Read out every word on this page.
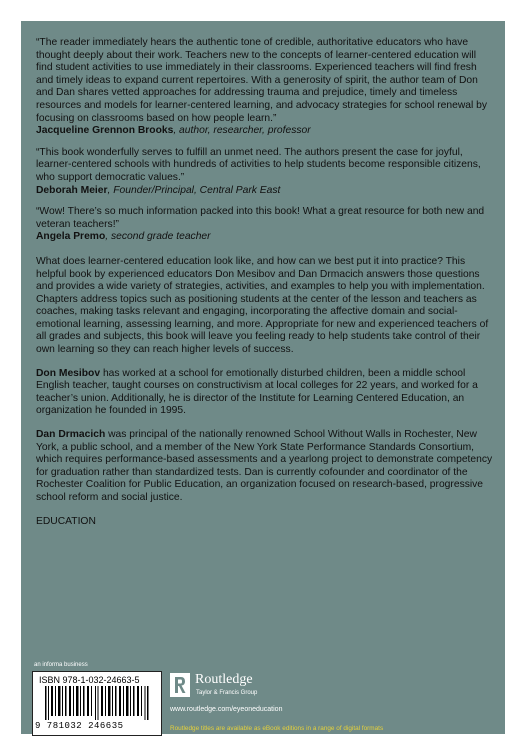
“The reader immediately hears the authentic tone of credible, authoritative educators who have thought deeply about their work. Teachers new to the concepts of learner-centered education will find student activities to use immediately in their classrooms. Experienced teachers will find fresh and timely ideas to expand current repertoires. With a generosity of spirit, the author team of Don and Dan shares vetted approaches for addressing trauma and prejudice, timely and timeless resources and models for learner-centered learning, and advocacy strategies for school renewal by focusing on classrooms based on how people learn.”

Jacqueline Grennon Brooks, author, researcher, professor

“This book wonderfully serves to fulfill an unmet need. The authors present the case for joyful, learner-centered schools with hundreds of activities to help students become responsible citizens, who support democratic values.”

Deborah Meier, Founder/Principal, Central Park East

“Wow! There’s so much information packed into this book! What a great resource for both new and veteran teachers!”

Angela Premo, second grade teacher

What does learner-centered education look like, and how can we best put it into practice? This helpful book by experienced educators Don Mesibov and Dan Drmacich answers those questions and provides a wide variety of strategies, activities, and examples to help you with implementation. Chapters address topics such as positioning students at the center of the lesson and teachers as coaches, making tasks relevant and engaging, incorporating the affective domain and social-emotional learning, assessing learning, and more. Appropriate for new and experienced teachers of all grades and subjects, this book will leave you feeling ready to help students take control of their own learning so they can reach higher levels of success.

Don Mesibov has worked at a school for emotionally disturbed children, been a middle school English teacher, taught courses on constructivism at local colleges for 22 years, and worked for a teacher’s union. Additionally, he is director of the Institute for Learning Centered Education, an organization he founded in 1995.

Dan Drmacich was principal of the nationally renowned School Without Walls in Rochester, New York, a public school, and a member of the New York State Performance Standards Consortium, which requires performance-based assessments and a yearlong project to demonstrate competency for graduation rather than standardized tests. Dan is currently cofounder and coordinator of the Rochester Coalition for Public Education, an organization focused on research-based, progressive school reform and social justice.

EDUCATION

an informa business
ISBN 978-1-032-24663-5
9 781032 246635
Routledge
Taylor & Francis Group
www.routledge.com/eyeoneducation
Routledge titles are available as eBook editions in a range of digital formats
